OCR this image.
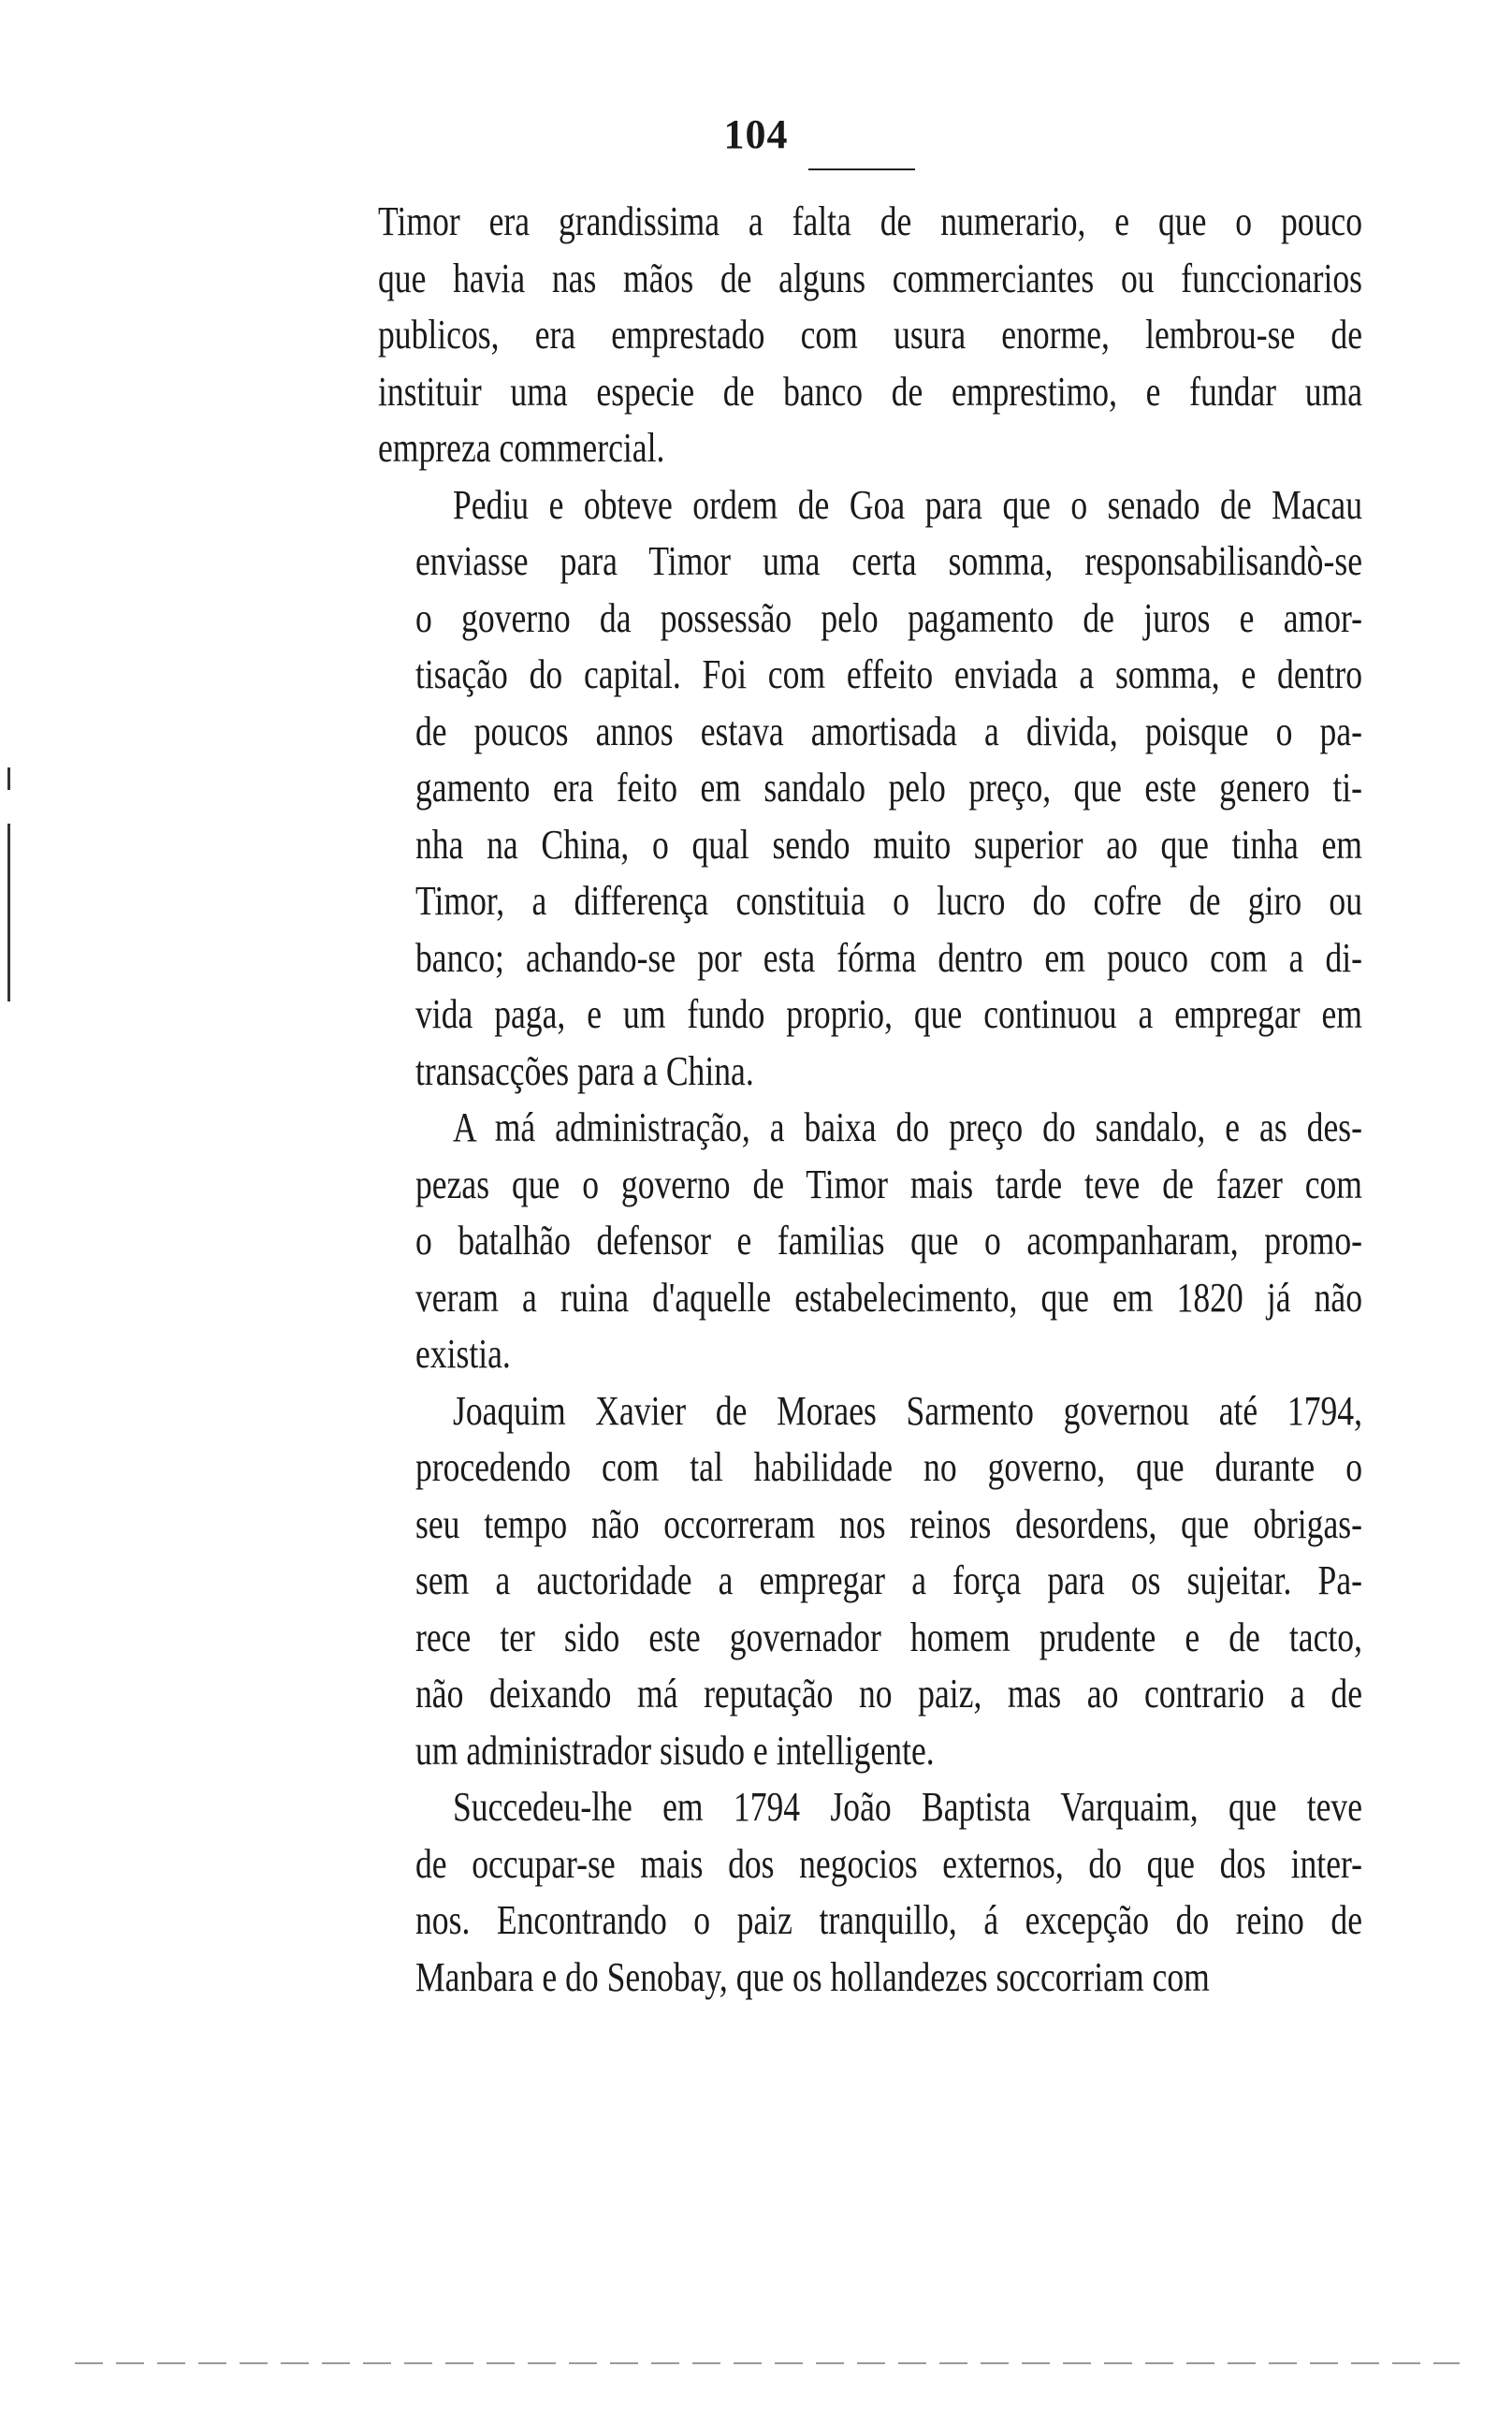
104
Timor era grandissima a falta de numerario, e que o pouco
que havia nas mãos de alguns commerciantes ou funccionarios
publicos, era emprestado com usura enorme, lembrou-se de
instituir uma especie de banco de emprestimo, e fundar uma
empreza commercial.
Pediu e obteve ordem de Goa para que o senado de Macau
enviasse para Timor uma certa somma, responsabilisandò-se
o governo da possessão pelo pagamento de juros e amor-
tisação do capital. Foi com effeito enviada a somma, e dentro
de poucos annos estava amortisada a divida, poisque o pa-
gamento era feito em sandalo pelo preço, que este genero ti-
nha na China, o qual sendo muito superior ao que tinha em
Timor, a differença constituia o lucro do cofre de giro ou
banco; achando-se por esta fórma dentro em pouco com a di-
vida paga, e um fundo proprio, que continuou a empregar em
transacções para a China.
A má administração, a baixa do preço do sandalo, e as des-
pezas que o governo de Timor mais tarde teve de fazer com
o batalhão defensor e familias que o acompanharam, promo-
veram a ruina d'aquelle estabelecimento, que em 1820 já não
existia.
Joaquim Xavier de Moraes Sarmento governou até 1794,
procedendo com tal habilidade no governo, que durante o
seu tempo não occorreram nos reinos desordens, que obrigas-
sem a auctoridade a empregar a força para os sujeitar. Pa-
rece ter sido este governador homem prudente e de tacto,
não deixando má reputação no paiz, mas ao contrario a de
um administrador sisudo e intelligente.
Succedeu-lhe em 1794 João Baptista Varquaim, que teve
de occupar-se mais dos negocios externos, do que dos inter-
nos. Encontrando o paiz tranquillo, á excepção do reino de
Manbara e do Senobay, que os hollandezes soccorriam com
